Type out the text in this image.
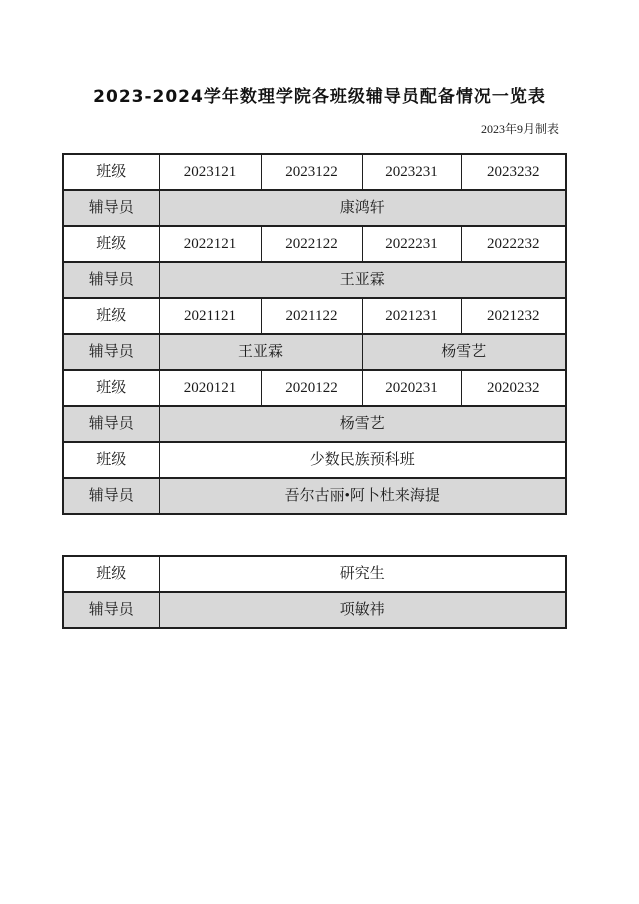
2023-2024学年数理学院各班级辅导员配备情况一览表
2023年9月制表
班级	2023121	2023122	2023231	2023232
辅导员	康鸿轩			
班级	2022121	2022122	2022231	2022232
辅导员	王亚霖			
班级	2021121	2021122	2021231	2021232
辅导员	王亚霖		杨雪艺	
班级	2020121	2020122	2020231	2020232
辅导员	杨雪艺			
班级	少数民族预科班			
辅导员	吾尔古丽•阿卜杜来海提			
班级	研究生
辅导员	项敏祎
